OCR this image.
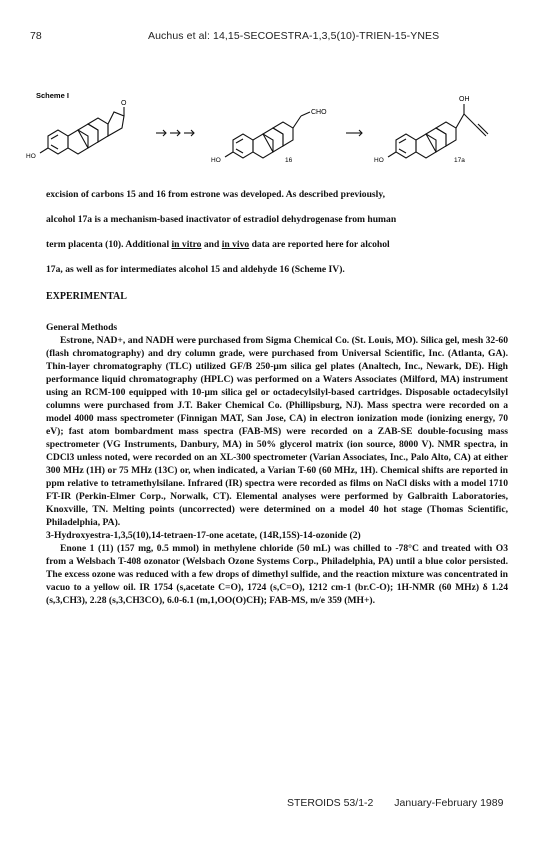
78	Auchus et al: 14,15-SECOESTRA-1,3,5(10)-TRIEN-15-YNES
Scheme I
O
HO
CHO
HO	16
OH
HO	17a

excision of carbons 15 and 16 from estrone was developed. As described previously,

alcohol 17a is a mechanism-based inactivator of estradiol dehydrogenase from human

term placenta (10). Additional in vitro and in vivo data are reported here for alcohol

17a, as well as for intermediates alcohol 15 and aldehyde 16 (Scheme IV).

EXPERIMENTAL
General Methods

Estrone, NAD+, and NADH were purchased from Sigma Chemical Co. (St. Louis, MO). Silica gel, mesh 32-60 (flash chromatography) and dry column grade, were purchased from Universal Scientific, Inc. (Atlanta, GA). Thin-layer chromatography (TLC) utilized GF/B 250-μm silica gel plates (Analtech, Inc., Newark, DE). High performance liquid chromatography (HPLC) was performed on a Waters Associates (Milford, MA) instrument using an RCM-100 equipped with 10-μm silica gel or octadecylsilyl-based cartridges. Disposable octadecylsilyl columns were purchased from J.T. Baker Chemical Co. (Phillipsburg, NJ). Mass spectra were recorded on a model 4000 mass spectrometer (Finnigan MAT, San Jose, CA) in electron ionization mode (ionizing energy, 70 eV); fast atom bombardment mass spectra (FAB-MS) were recorded on a ZAB-SE double-focusing mass spectrometer (VG Instruments, Danbury, MA) in 50% glycerol matrix (ion source, 8000 V). NMR spectra, in CDCl3 unless noted, were recorded on an XL-300 spectrometer (Varian Associates, Inc., Palo Alto, CA) at either 300 MHz (1H) or 75 MHz (13C) or, when indicated, a Varian T-60 (60 MHz, 1H). Chemical shifts are reported in ppm relative to tetramethylsilane. Infrared (IR) spectra were recorded as films on NaCl disks with a model 1710 FT-IR (Perkin-Elmer Corp., Norwalk, CT). Elemental analyses were performed by Galbraith Laboratories, Knoxville, TN. Melting points (uncorrected) were determined on a model 40 hot stage (Thomas Scientific, Philadelphia, PA).

3-Hydroxyestra-1,3,5(10),14-tetraen-17-one acetate, (14R,15S)-14-ozonide (2)

Enone 1 (11) (157 mg, 0.5 mmol) in methylene chloride (50 mL) was chilled to -78°C and treated with O3 from a Welsbach T-408 ozonator (Welsbach Ozone Systems Corp., Philadelphia, PA) until a blue color persisted. The excess ozone was reduced with a few drops of dimethyl sulfide, and the reaction mixture was concentrated in vacuo to a yellow oil. IR 1754 (s,acetate C=O), 1724 (s,C=O), 1212 cm-1 (br.C-O); 1H-NMR (60 MHz) δ 1.24 (s,3,CH3), 2.28 (s,3,CH3CO), 6.0-6.1 (m,1,OO(O)CH); FAB-MS, m/e 359 (MH+).

STEROIDS 53/1-2 January-February 1989
